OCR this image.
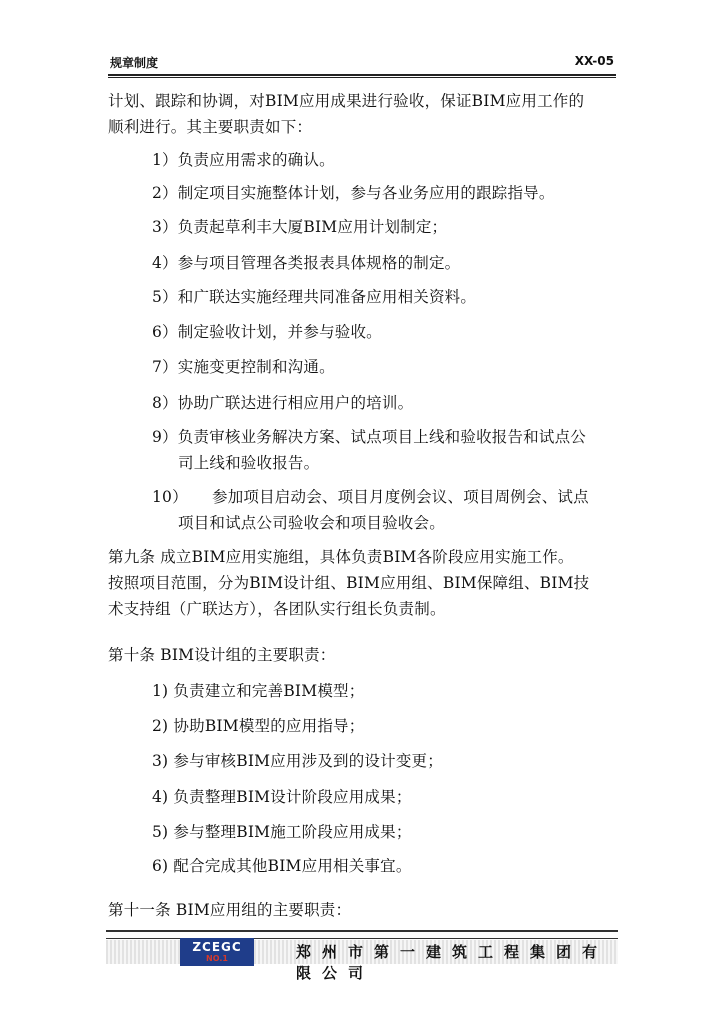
规章制度	XX-05
计划、跟踪和协调，对BIM应用成果进行验收，保证BIM应用工作的
顺利进行。其主要职责如下：
1）负责应用需求的确认。
2）制定项目实施整体计划，参与各业务应用的跟踪指导。
3）负责起草利丰大厦BIM应用计划制定；
4）参与项目管理各类报表具体规格的制定。
5）和广联达实施经理共同准备应用相关资料。
6）制定验收计划，并参与验收。
7）实施变更控制和沟通。
8）协助广联达进行相应用户的培训。
9）负责审核业务解决方案、试点项目上线和验收报告和试点公
司上线和验收报告。
10） 参加项目启动会、项目月度例会议、项目周例会、试点
项目和试点公司验收会和项目验收会。
第九条 成立BIM应用实施组，具体负责BIM各阶段应用实施工作。
按照项目范围，分为BIM设计组、BIM应用组、BIM保障组、BIM技
术支持组（广联达方），各团队实行组长负责制。
第十条 BIM设计组的主要职责：
1) 负责建立和完善BIM模型；
2) 协助BIM模型的应用指导；
3) 参与审核BIM应用涉及到的设计变更；
4) 负责整理BIM设计阶段应用成果；
5) 参与整理BIM施工阶段应用成果；
6) 配合完成其他BIM应用相关事宜。
第十一条 BIM应用组的主要职责：
ZCEGC
NO.1	郑州市第一建筑工程集团有限公司
